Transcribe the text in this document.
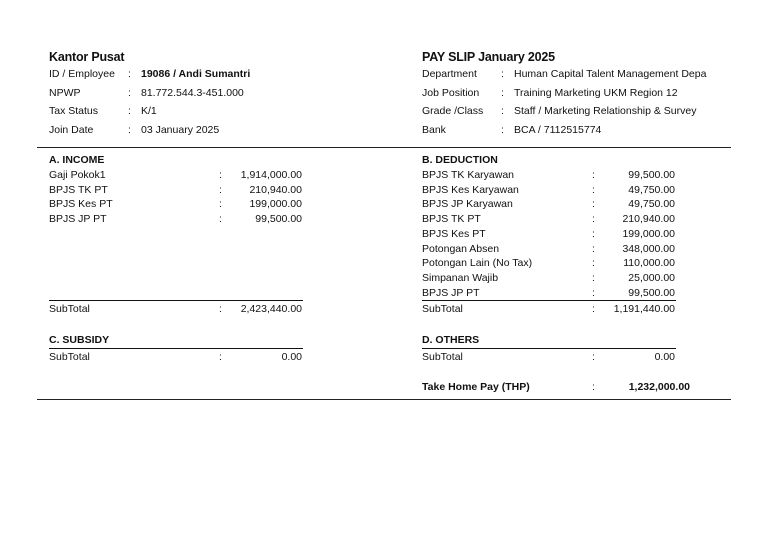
Kantor Pusat
ID / Employee : 19086 / Andi Sumantri
NPWP	: 81.772.544.3-451.000
Tax Status	: K/1
Join Date	: 03 January 2025
PAY SLIP January 2025
Department : Human Capital Talent Management Depa
Job Position : Training Marketing UKM Region 12
Grade /Class : Staff / Marketing Relationship & Survey
Bank	: BCA / 7112515774
A. INCOME
Gaji Pokok1	: 1,914,000.00
BPJS TK PT	:	210,940.00
BPJS Kes PT	:	199,000.00
BPJS JP PT	:	99,500.00
SubTotal	: 2,423,440.00
B. DEDUCTION
BPJS TK Karyawan	:	99,500.00
BPJS Kes Karyawan	:	49,750.00
BPJS JP Karyawan	:	49,750.00
BPJS TK PT	:	210,940.00
BPJS Kes PT	:	199,000.00
Potongan Absen	:	348,000.00
Potongan Lain (No Tax)	:	110,000.00
Simpanan Wajib	:	25,000.00
BPJS JP PT	:	99,500.00
SubTotal	: 1,191,440.00
C. SUBSIDY
SubTotal	:	0.00
D. OTHERS
SubTotal	:	0.00
Take Home Pay (THP)	:	1,232,000.00
